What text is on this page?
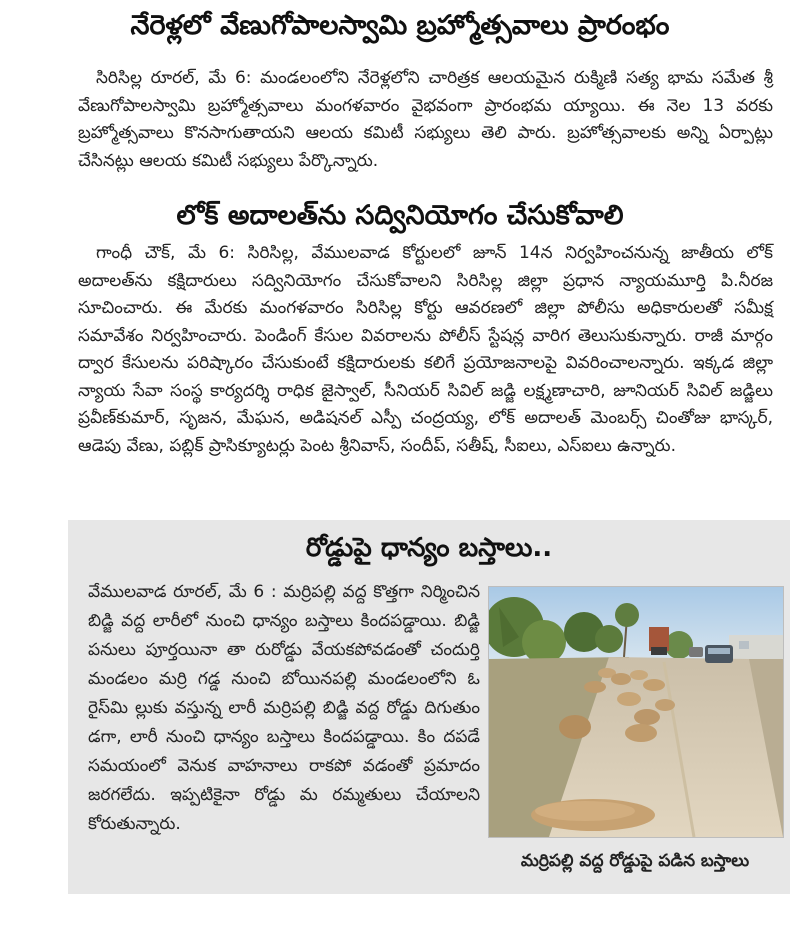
నేరెళ్లలో వేణుగోపాలస్వామి బ్రహ్మోత్సవాలు ప్రారంభం

సిరిసిల్ల రూరల్, మే 6: మండలంలోని నేరెళ్లలోని చారిత్రక ఆలయమైన రుక్మిణి సత్య భామ సమేత శ్రీ వేణుగోపాలస్వామి బ్రహ్మోత్సవాలు మంగళవారం వైభవంగా ప్రారంభమ య్యాయి. ఈ నెల 13 వరకు బ్రహ్మోత్సవాలు కొనసాగుతాయని ఆలయ కమిటీ సభ్యులు తెలి పారు. బ్రహోత్సవాలకు అన్ని ఏర్పాట్లు చేసినట్లు ఆలయ కమిటీ సభ్యులు పేర్కొన్నారు.

లోక్ అదాలత్‌ను సద్వినియోగం చేసుకోవాలి

గాంధీ చౌక్, మే 6: సిరిసిల్ల, వేములవాడ కోర్టులలో జూన్ 14న నిర్వహించనున్న జాతీయ లోక్ అదాలత్‌ను కక్షిదారులు సద్వినియోగం చేసుకోవాలని సిరిసిల్ల జిల్లా ప్రధాన న్యాయమూర్తి పి.నీరజ సూచించారు. ఈ మేరకు మంగళవారం సిరిసిల్ల కోర్టు ఆవరణలో జిల్లా పోలీసు అధికారులతో సమీక్ష సమావేశం నిర్వహించారు. పెండింగ్ కేసుల వివరాలను పోలీస్ స్టేషన్ల వారిగ తెలుసుకున్నారు. రాజీ మార్గం ద్వార కేసులను పరిష్కారం చేసుకుంటే కక్షిదారులకు కలిగే ప్రయోజనాలపై వివరించాలన్నారు. ఇక్కడ జిల్లా న్యాయ సేవా సంస్థ కార్యదర్శి రాధిక జైస్వాల్, సీనియర్ సివిల్ జడ్జి లక్ష్మణాచారి, జూనియర్ సివిల్ జడ్జిలు ప్రవీణ్‌కుమార్, సృజన, మేఘన, అడిషనల్ ఎస్పీ చంద్రయ్య, లోక్ అదాలత్ మెంబర్స్ చింతోజు భాస్కర్, ఆడెపు వేణు, పబ్లిక్ ప్రాసిక్యూటర్లు పెంట శ్రీనివాస్, సందీప్, సతీష్, సీఐలు, ఎస్ఐలు ఉన్నారు.

రోడ్డుపై ధాన్యం బస్తాలు..

వేములవాడ రూరల్, మే 6 : మర్రిపల్లి వద్ద కొత్తగా నిర్మించిన బిడ్జి వద్ద లారీలో నుంచి ధాన్యం బస్తాలు కిందపడ్డాయి. బిడ్జి పనులు పూర్తయినా తా రురోడ్డు వేయకపోవడంతో చందుర్తి మండలం మర్రి గడ్డ నుంచి బోయినపల్లి మండలంలోని ఓ రైస్‌మి ల్లుకు వస్తున్న లారీ మర్రిపల్లి బిడ్జి వద్ద రోడ్డు దిగుతుం డగా, లారీ నుంచి ధాన్యం బస్తాలు కిందపడ్డాయి. కిం దపడే సమయంలో వెనుక వాహనాలు రాకపో వడంతో ప్రమాదం జరగలేదు. ఇప్పటికైనా రోడ్డు మ రమ్మతులు చేయాలని కోరుతున్నారు.

మర్రిపల్లి వద్ద రోడ్డుపై పడిన బస్తాలు
